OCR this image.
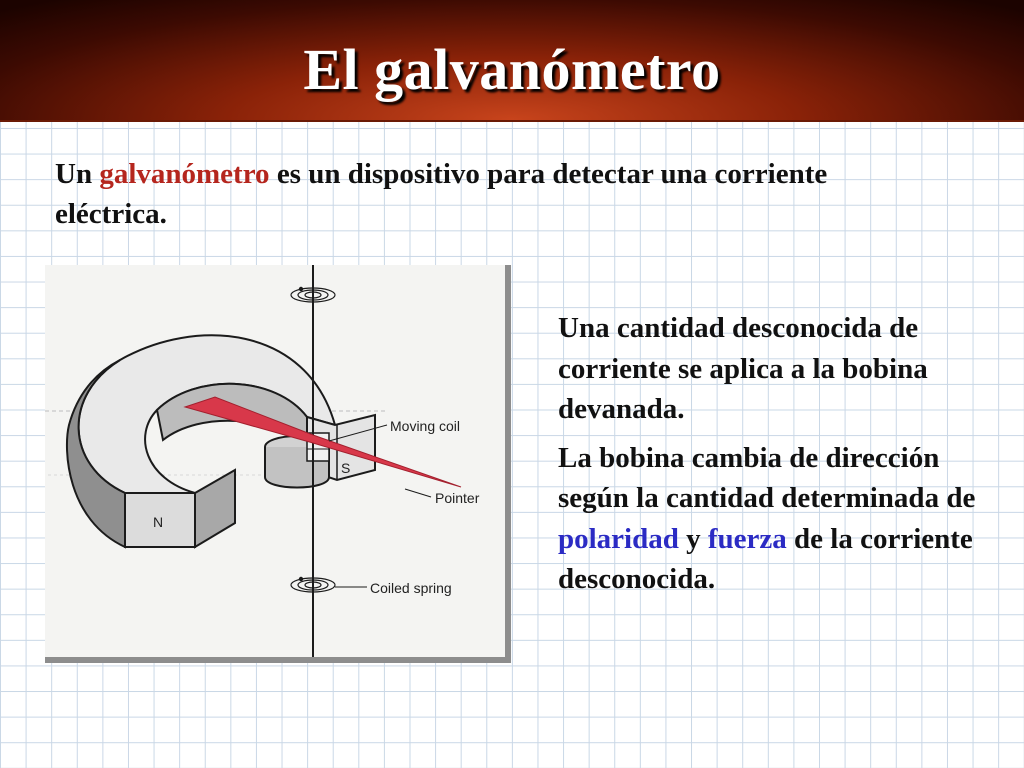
El galvanómetro
Un galvanómetro es un dispositivo para detectar una corriente eléctrica.
Moving coil
Pointer
Coiled spring
N
S

Una cantidad desconocida de corriente se aplica a la bobina devanada.

La bobina cambia de dirección según la cantidad determinada de polaridad y fuerza de la corriente desconocida.
